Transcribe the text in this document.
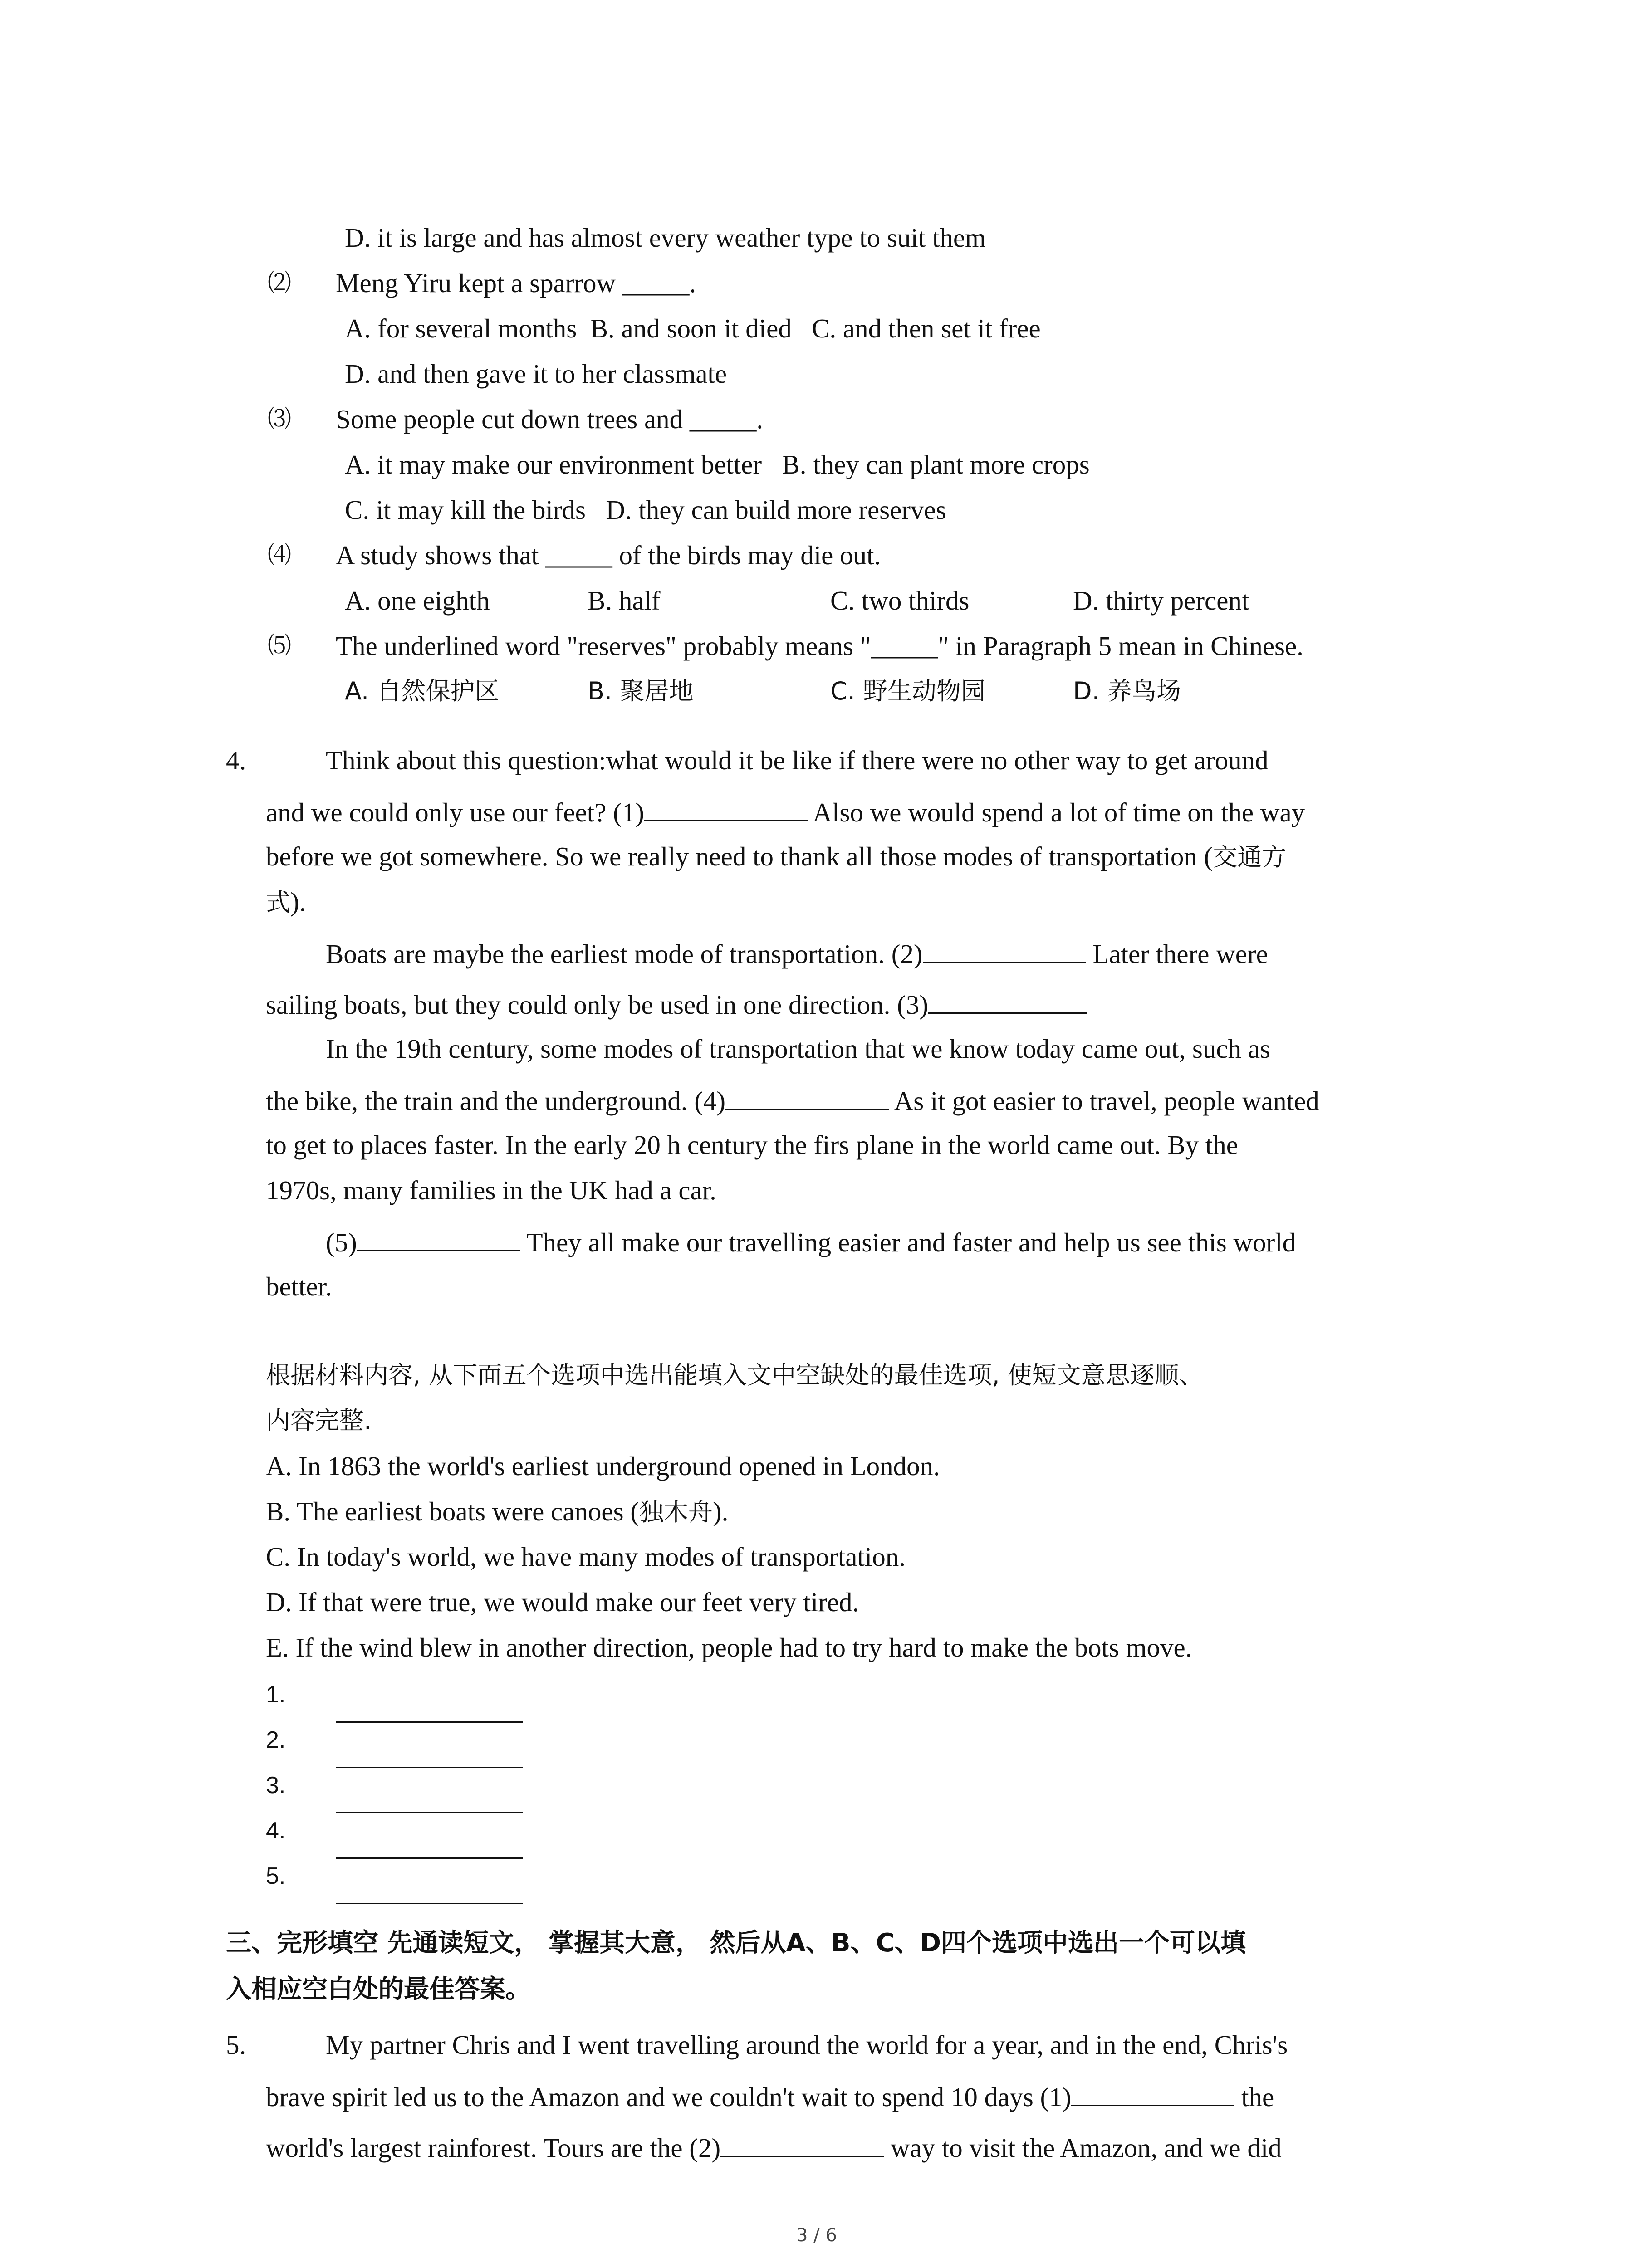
D. it is large and has almost every weather type to suit them
⑵ Meng Yiru kept a sparrow _____.
A. for several months  B. and soon it died   C. and then set it free
D. and then gave it to her classmate
⑶ Some people cut down trees and _____.
A. it may make our environment better   B. they can plant more crops
C. it may kill the birds   D. they can build more reserves
⑷ A study shows that _____ of the birds may die out.
A. one eighth	B. half	C. two thirds	D. thirty percent
⑸ The underlined word "reserves" probably means "_____" in Paragraph 5 mean in Chinese.
A. 自然保护区	B. 聚居地	C. 野生动物园	D. 养鸟场
4.	Think about this question:what would it be like if there were no other way to get around
and we could only use our feet? (1)	Also we would spend a lot of time on the way
before we got somewhere. So we really need to thank all those modes of transportation (交通方
式).
Boats are maybe the earliest mode of transportation. (2)	Later there were
sailing boats, but they could only be used in one direction. (3)
In the 19th century, some modes of transportation that we know today came out, such as
the bike, the train and the underground. (4)	As it got easier to travel, people wanted
to get to places faster. In the early 20 h century the firs plane in the world came out. By the
1970s, many families in the UK had a car.
(5)	They all make our travelling easier and faster and help us see this world
better.
根据材料内容, 从下面五个选项中选出能填入文中空缺处的最佳选项, 使短文意思逐顺、
内容完整.
A. In 1863 the world's earliest underground opened in London.
B. The earliest boats were canoes (独木舟).
C. In today's world, we have many modes of transportation.
D. If that were true, we would make our feet very tired.
E. If the wind blew in another direction, people had to try hard to make the bots move.
1.
2.
3.
4.
5.
三、完形填空 先通读短文， 掌握其大意， 然后从A、B、C、D四个选项中选出一个可以填
入相应空白处的最佳答案。
5.	My partner Chris and I went travelling around the world for a year, and in the end, Chris's
brave spirit led us to the Amazon and we couldn't wait to spend 10 days (1)	the
world's largest rainforest. Tours are the (2)	way to visit the Amazon, and we did
3 / 6
